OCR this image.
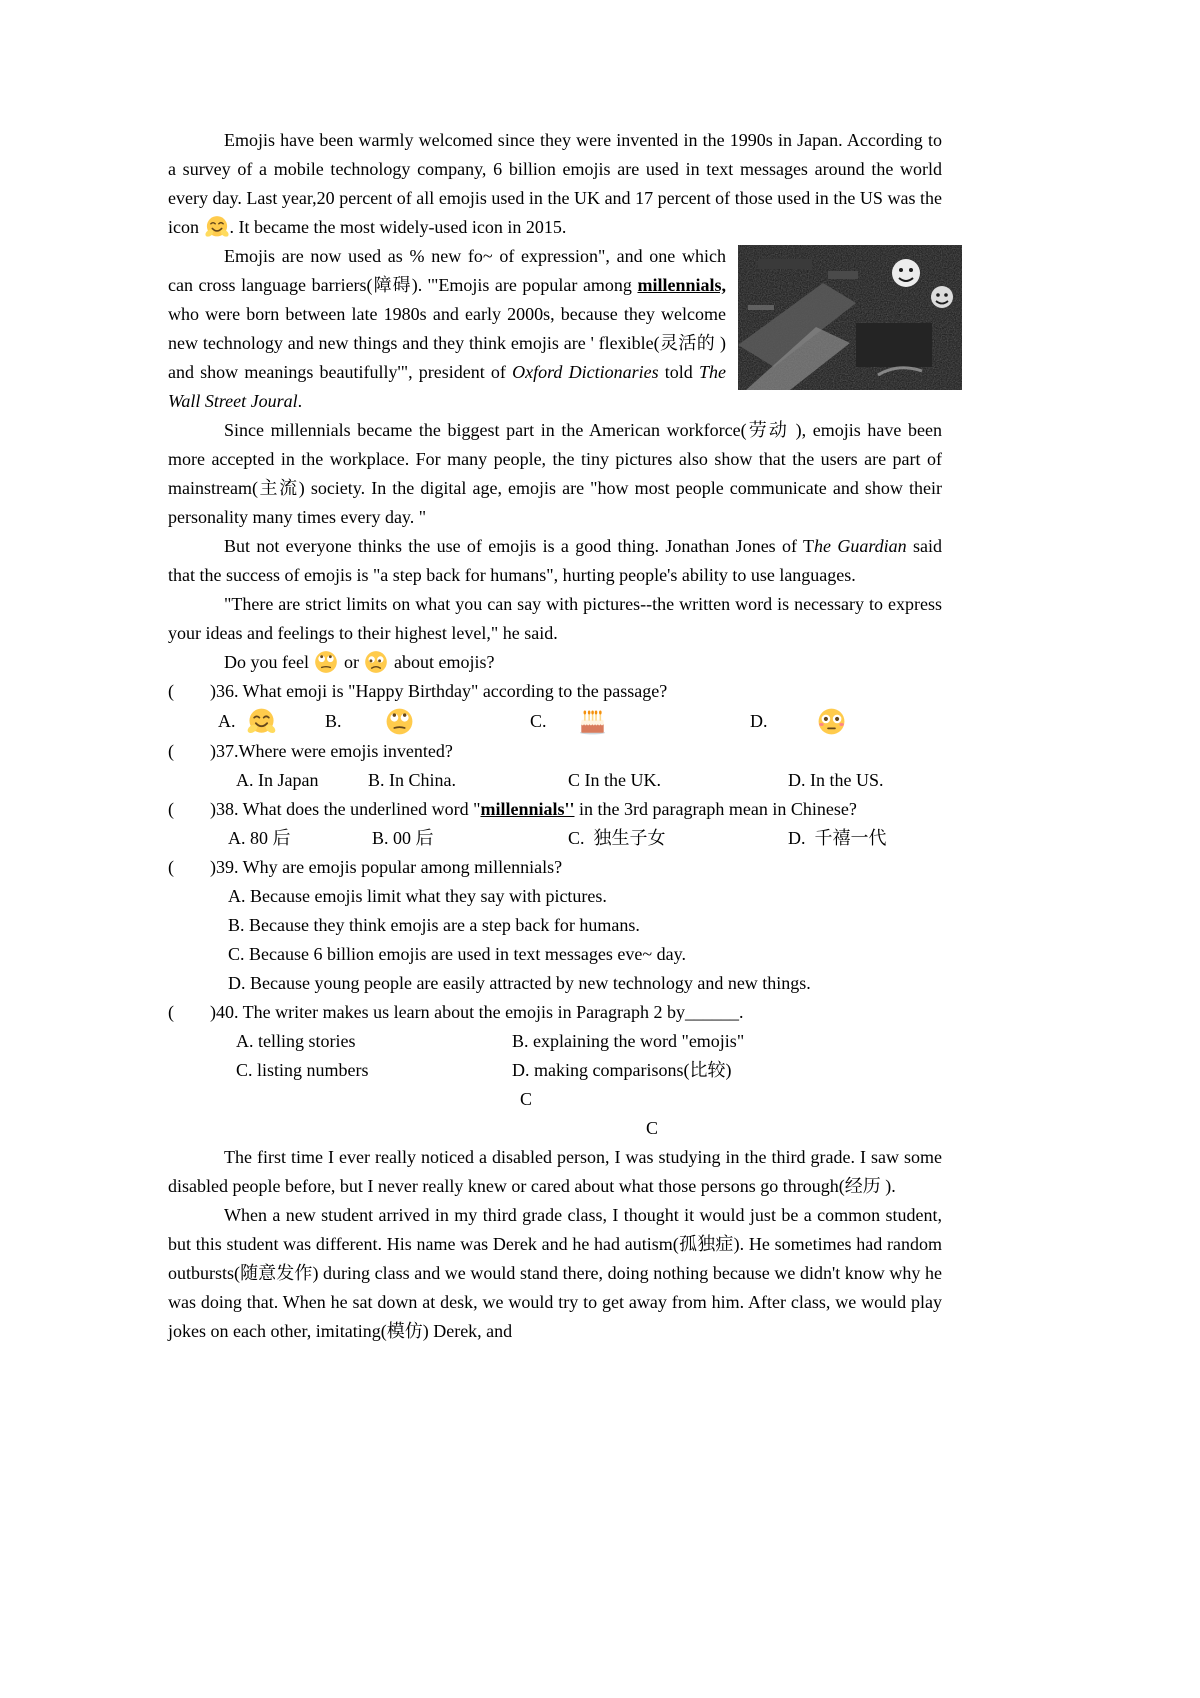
Emojis have been warmly welcomed since they were invented in the 1990s in Japan. According to a survey of a mobile technology company, 6 billion emojis are used in text messages around the world every day. Last year,20 percent of all emojis used in the UK and 17 percent of those used in the US was the icon
. It became the most widely-used icon in 2015.

Emojis are now used as % new fo~ of expression", and one which can cross language barriers(障碍). '"Emojis are popular among millennials, who were born between late 1980s and early 2000s, because they welcome new technology and new things and they think emojis are ' flexible(灵活的 ) and show meanings beautifully'", president of Oxford Dictionaries told The Wall Street Joural.

Since millennials became the biggest part in the American workforce(劳动 ), emojis have been more accepted in the workplace. For many people, the tiny pictures also show that the users are part of mainstream(主流) society. In the digital age, emojis are "how most people communicate and show their personality many times every day. "

But not everyone thinks the use of emojis is a good thing. Jonathan Jones of The Guardian said that the success of emojis is "a step back for humans", hurting people's ability to use languages.

"There are strict limits on what you can say with pictures--the written word is necessary to express your ideas and feelings to their highest level," he said.

Do you feel
or
about emojis?

(        )36. What emoji is "Happy Birthday" according to the passage?
A.	B.	C.	D.
(        )37.Where were emojis invented?
A. In Japan	B. In China.	C In the UK.	D. In the US.
(        )38. What does the underlined word "millennials'' in the 3rd paragraph mean in Chinese?
A. 80 后	B. 00 后	C.  独生子女	D.  千禧一代
(        )39. Why are emojis popular among millennials?
A. Because emojis limit what they say with pictures.
B. Because they think emojis are a step back for humans.
C. Because 6 billion emojis are used in text messages eve~ day.
D. Because young people are easily attracted by new technology and new things.
(        )40. The writer makes us learn about the emojis in Paragraph 2 by______.
A. telling stories	B. explaining the word "emojis"
C. listing numbers	D. making comparisons(比较)
C
C

The first time I ever really noticed a disabled person, I was studying in the third grade. I saw some disabled people before, but I never really knew or cared about what those persons go through(经历 ).

When a new student arrived in my third grade class, I thought it would just be a common student, but this student was different. His name was Derek and he had autism(孤独症). He sometimes had random outbursts(随意发作) during class and we would stand there, doing nothing because we didn't know why he was doing that. When he sat down at desk, we would try to get away from him. After class, we would play jokes on each other, imitating(模仿) Derek, and
